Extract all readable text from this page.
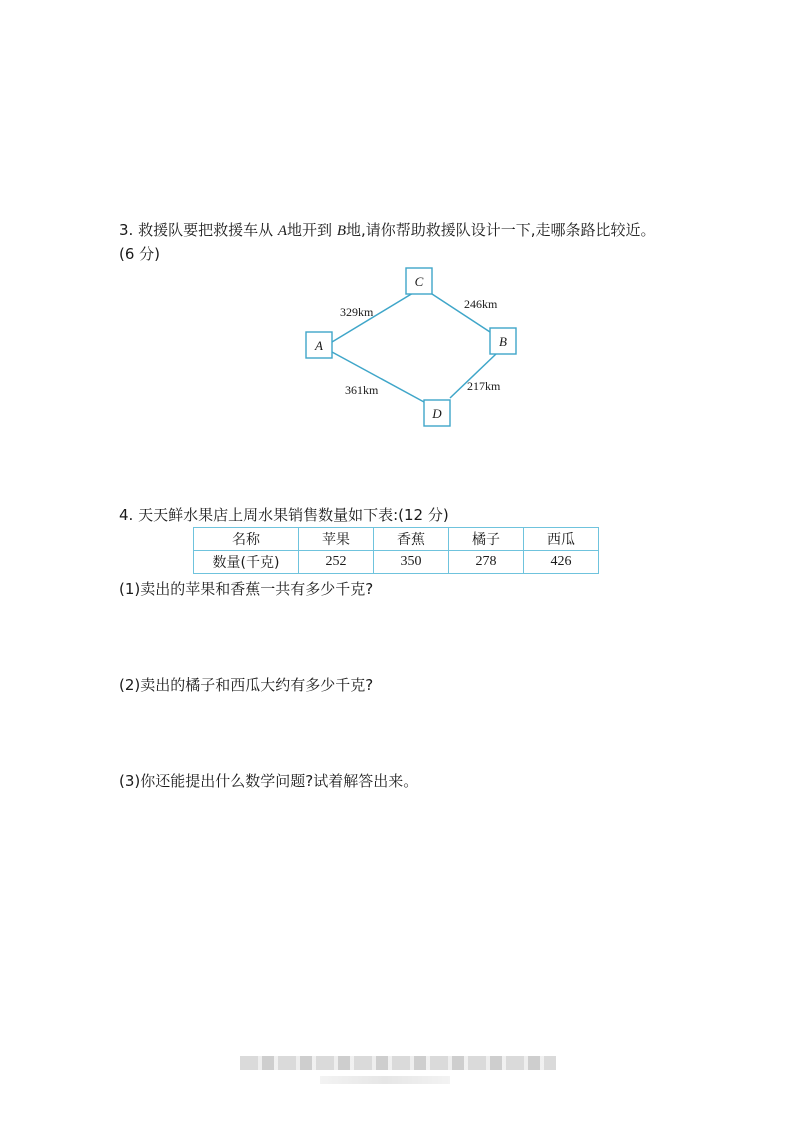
3. 救援队要把救援车从 A地开到 B地,请你帮助救援队设计一下,走哪条路比较近。
(6 分)
C
A	B
D
329km
246km
361km	217km
4. 天天鲜水果店上周水果销售数量如下表:(12 分)
名称	苹果	香蕉	橘子	西瓜
数量(千克)	252	350	278	426
(1)卖出的苹果和香蕉一共有多少千克?
(2)卖出的橘子和西瓜大约有多少千克?
(3)你还能提出什么数学问题?试着解答出来。
